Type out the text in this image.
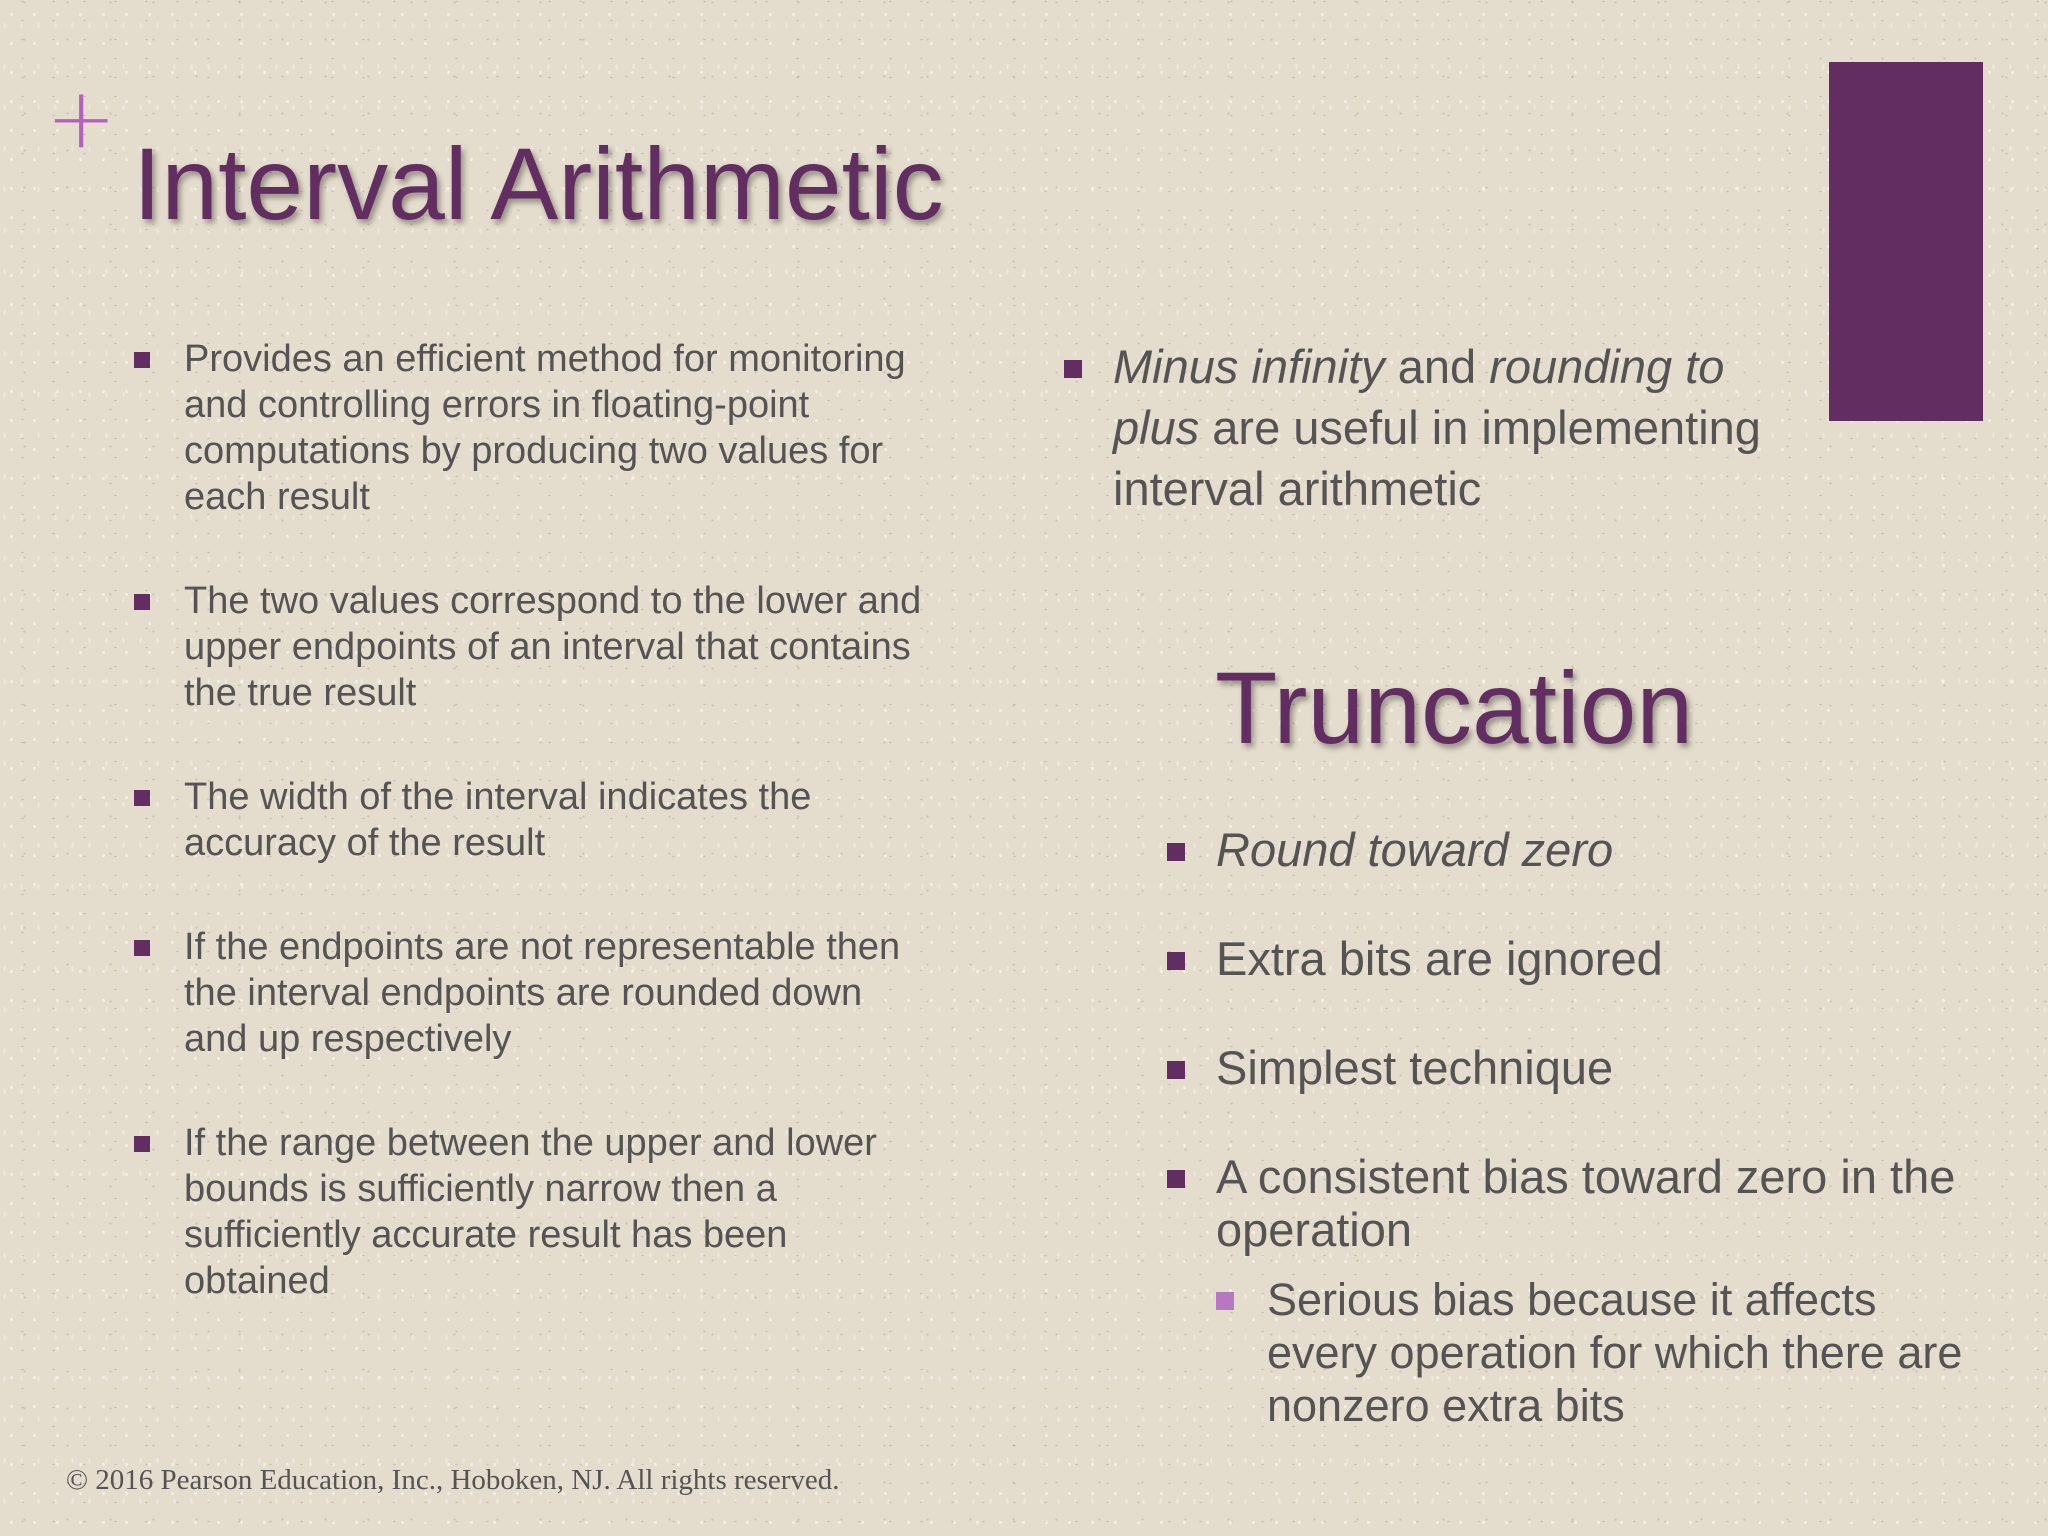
+
Interval Arithmetic
Provides an efficient method for monitoring and controlling errors in floating-point computations by producing two values for each result
The two values correspond to the lower and upper endpoints of an interval that contains the true result
The width of the interval indicates the accuracy of the result
If the endpoints are not representable then the interval endpoints are rounded down and up respectively
If the range between the upper and lower bounds is sufficiently narrow then a sufficiently accurate result has been obtained
Minus infinity and rounding to plus are useful in implementing interval arithmetic
Truncation
Round toward zero
Extra bits are ignored
Simplest technique
A consistent bias toward zero in the operation
Serious bias because it affects every operation for which there are nonzero extra bits
© 2016 Pearson Education, Inc., Hoboken, NJ. All rights reserved.
